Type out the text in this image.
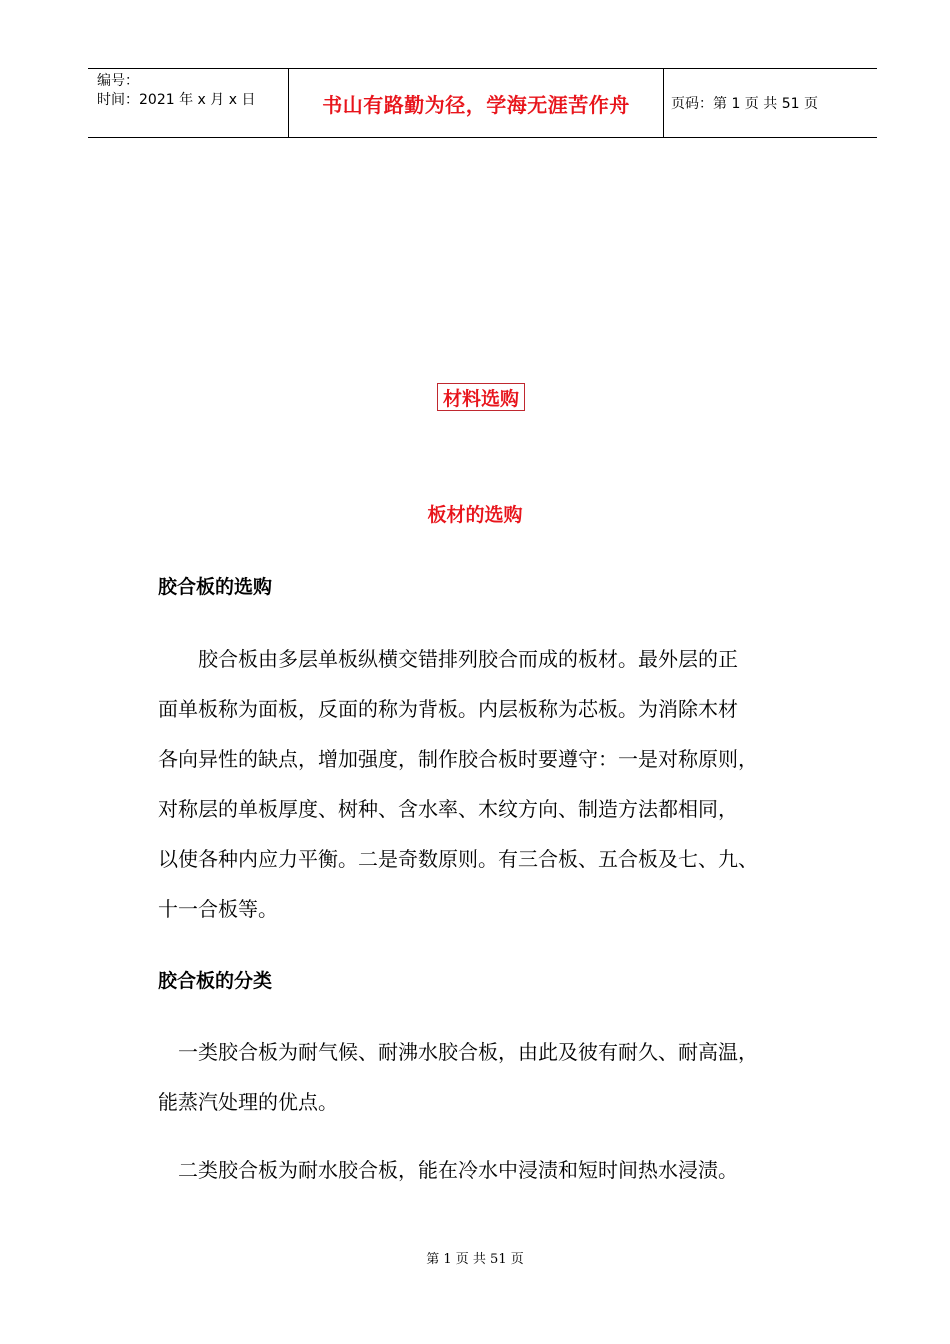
编号：
时间：2021 年 x 月 x 日	书山有路勤为径，学海无涯苦作舟	页码：第 1 页 共 51 页
材料选购
板材的选购
胶合板的选购
　　胶合板由多层单板纵横交错排列胶合而成的板材。最外层的正
面单板称为面板，反面的称为背板。内层板称为芯板。为消除木材
各向异性的缺点，增加强度，制作胶合板时要遵守：一是对称原则，
对称层的单板厚度、树种、含水率、木纹方向、制造方法都相同，
以使各种内应力平衡。二是奇数原则。有三合板、五合板及七、九、
十一合板等。
胶合板的分类
　一类胶合板为耐气候、耐沸水胶合板，由此及彼有耐久、耐高温，
能蒸汽处理的优点。
　二类胶合板为耐水胶合板，能在冷水中浸渍和短时间热水浸渍。
第 1 页 共 51 页
